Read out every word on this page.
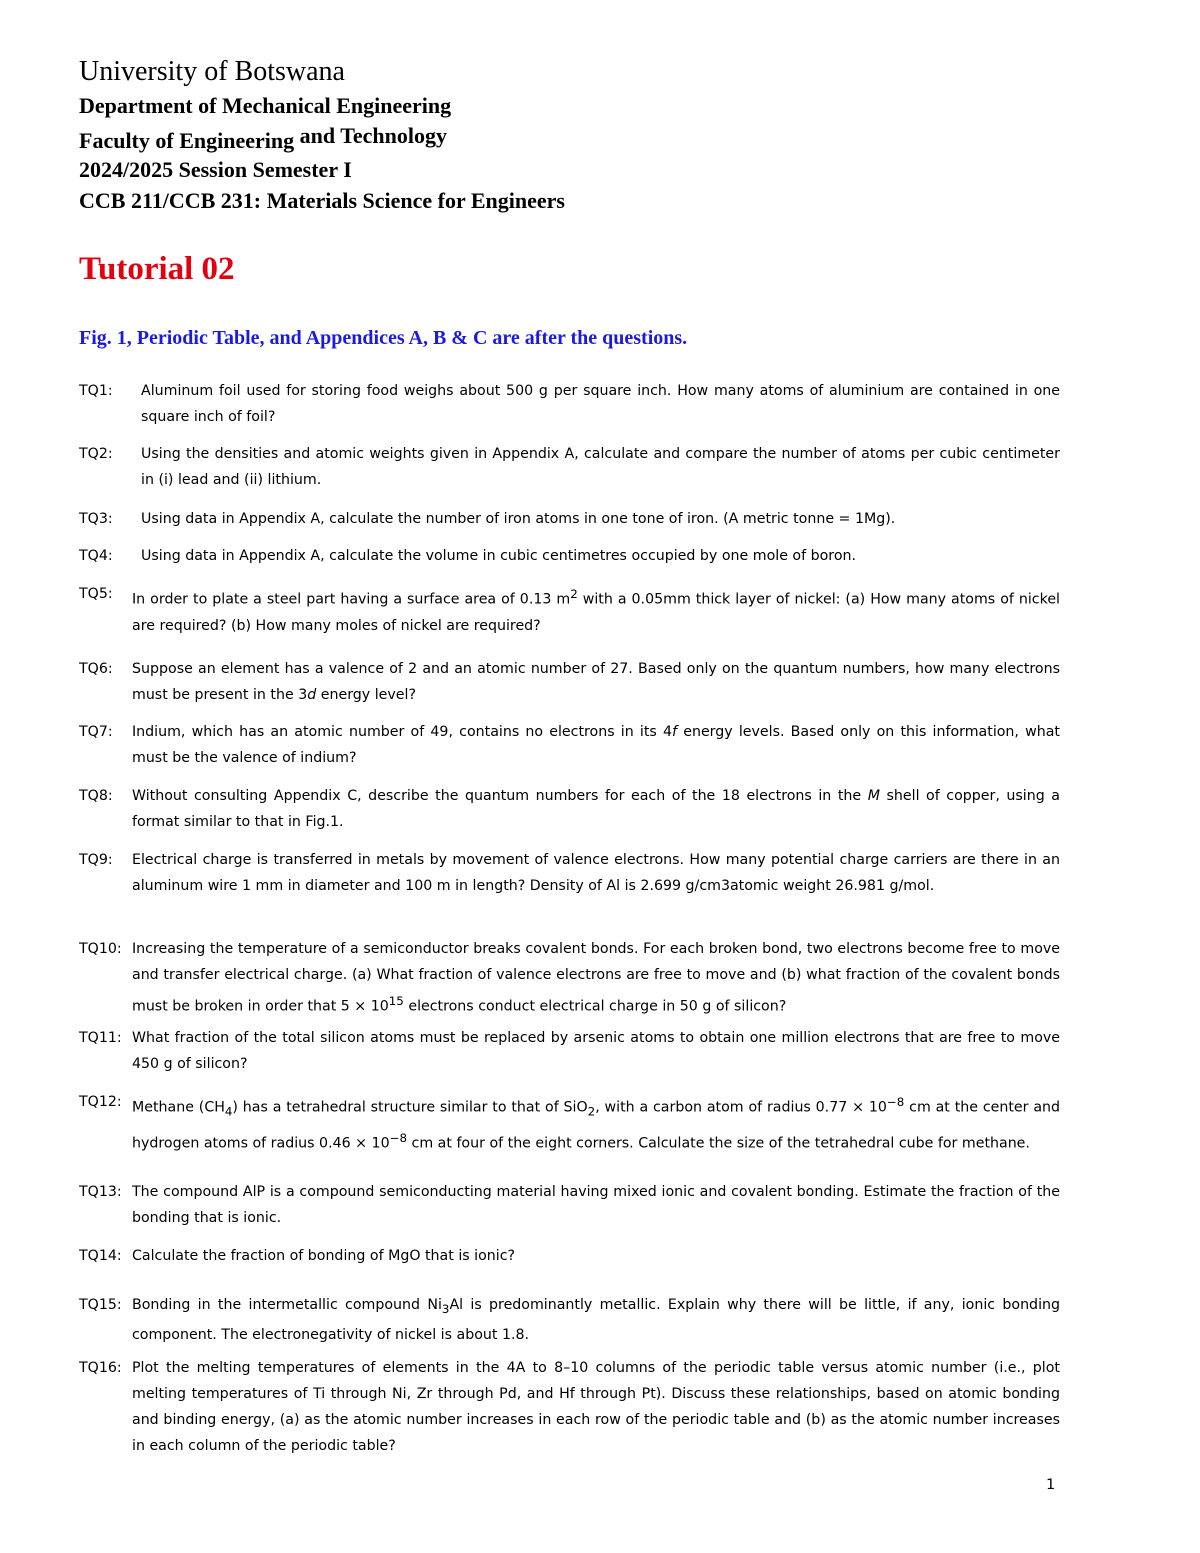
University of Botswana
Department of Mechanical Engineering
Faculty of Engineering and Technology
2024/2025 Session Semester I
CCB 211/CCB 231: Materials Science for Engineers
Tutorial 02
Fig. 1, Periodic Table, and Appendices A, B & C are after the questions.
TQ1:	Aluminum foil used for storing food weighs about 500 g per square inch. How many atoms of aluminium are contained in one square inch of foil?
TQ2:	Using the densities and atomic weights given in Appendix A, calculate and compare the number of atoms per cubic centimeter in (i) lead and (ii) lithium.
TQ3:	Using data in Appendix A, calculate the number of iron atoms in one tone of iron. (A metric tonne = 1Mg).
TQ4:	Using data in Appendix A, calculate the volume in cubic centimetres occupied by one mole of boron.
TQ5:	In order to plate a steel part having a surface area of 0.13 $m^2$ with a 0.05mm thick layer of nickel: (a) How many atoms of nickel are required? (b) How many moles of nickel are required?
TQ6:	Suppose an element has a valence of 2 and an atomic number of 27. Based only on the quantum numbers, how many electrons must be present in the 3d energy level?
TQ7:	Indium, which has an atomic number of 49, contains no electrons in its 4f energy levels. Based only on this information, what must be the valence of indium?
TQ8:	Without consulting Appendix C, describe the quantum numbers for each of the 18 electrons in the M shell of copper, using a format similar to that in Fig.1.
TQ9:	Electrical charge is transferred in metals by movement of valence electrons. How many potential charge carriers are there in an aluminum wire 1 mm in diameter and 100 m in length? Density of Al is 2.699 g/cm3atomic weight 26.981 g/mol.
TQ10: Increasing the temperature of a semiconductor breaks covalent bonds. For each broken bond, two electrons become free to move and transfer electrical charge. (a) What fraction of valence electrons are free to move and (b) what fraction of the covalent bonds must be broken in order that $5 \times 10^{15}$ electrons conduct electrical charge in 50 g of silicon?
TQ11: What fraction of the total silicon atoms must be replaced by arsenic atoms to obtain one million electrons that are free to move 450 g of silicon?
TQ12: Methane $(CH_4)$ has a tetrahedral structure similar to that of SiO$_2$, with a carbon atom of radius $0.77 \times 10^{-8}$ cm at the center and hydrogen atoms of radius $0.46 \times 10^{-8}$ cm at four of the eight corners. Calculate the size of the tetrahedral cube for methane.
TQ13: The compound AlP is a compound semiconducting material having mixed ionic and covalent bonding. Estimate the fraction of the bonding that is ionic.
TQ14: Calculate the fraction of bonding of MgO that is ionic?
TQ15: Bonding in the intermetallic compound $Ni_3Al$ is predominantly metallic. Explain why there will be little, if any, ionic bonding component. The electronegativity of nickel is about 1.8.
TQ16: Plot the melting temperatures of elements in the 4A to 8–10 columns of the periodic table versus atomic number (i.e., plot melting temperatures of Ti through Ni, Zr through Pd, and Hf through Pt). Discuss these relationships, based on atomic bonding and binding energy, (a) as the atomic number increases in each row of the periodic table and (b) as the atomic number increases in each column of the periodic table?
1
